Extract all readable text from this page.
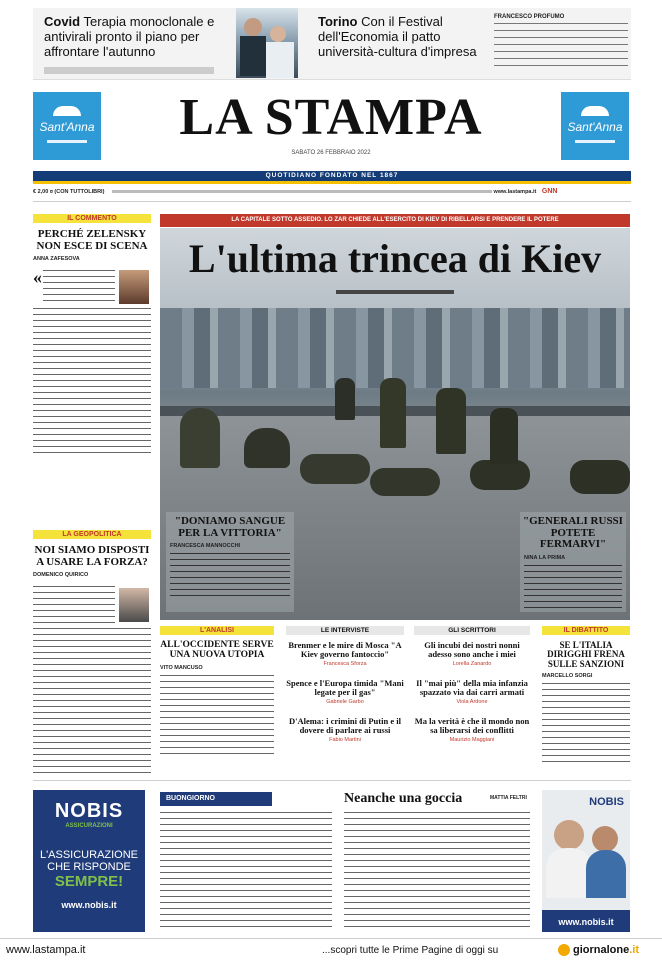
Covid Terapia monoclonale e antivirali pronto il piano per affrontare l'autunno
Torino Con il Festival dell'Economia il patto università-cultura d'impresa
FRANCESCO PROFUMO
Sant'Anna	Sant'Anna
LA STAMPA
SABATO 26 FEBBRAIO 2022
QUOTIDIANO FONDATO NEL 1867
€ 2,00 ¤ (CON TUTTOLIBRI)	www.lastampa.it GNN
IL COMMENTO
PERCHÉ ZELENSKY NON ESCE DI SCENA
ANNA ZAFESOVA
«
LA GEOPOLITICA
NOI SIAMO DISPOSTI A USARE LA FORZA?
DOMENICO QUIRICO
LA CAPITALE SOTTO ASSEDIO. LO ZAR CHIEDE ALL'ESERCITO DI KIEV DI RIBELLARSI E PRENDERE IL POTERE
L'ultima trincea di Kiev
"DONIAMO SANGUE PER LA VITTORIA"
FRANCESCA MANNOCCHI
"GENERALI RUSSI POTETE FERMARVI"
NINA LA PRIMA
L'ANALISI
ALL'OCCIDENTE SERVE UNA NUOVA UTOPIA
VITO MANCUSO
LE INTERVISTE
Brenmer e le mire di Mosca "A Kiev governo fantoccio"
Francesca Sforza
Spence e l'Europa timida "Mani legate per il gas"
Gabriele Garbo
D'Alema: i crimini di Putin e il dovere di parlare ai russi
Fabio Martini
GLI SCRITTORI
Gli incubi dei nostri nonni adesso sono anche i miei
Lorella Zanardo
Il "mai più" della mia infanzia spazzato via dai carri armati
Viola Ardone
Ma la verità è che il mondo non sa liberarsi dei conflitti
Maurizio Maggiani
IL DIBATTITO
SE L'ITALIA DIRIGGHI FRENA SULLE SANZIONI
MARCELLO SORGI
NOBIS
ASSICURAZIONI
L'ASSICURAZIONE
CHE RISPONDE
SEMPRE!
www.nobis.it
BUONGIORNO	Neanche una goccia	MATTIA FELTRI	NOBIS
www.nobis.it
www.lastampa.it	...scopri tutte le Prime Pagine di oggi su	giornalone.it
